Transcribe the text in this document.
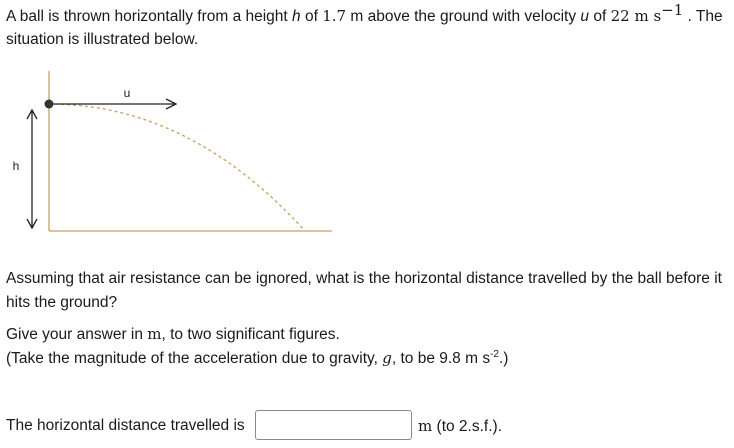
A ball is thrown horizontally from a height h of 1.7 m above the ground with velocity u of 22 m $s^{-1}$ . The
situation is illustrated below.
u
h
Assuming that air resistance can be ignored, what is the horizontal distance travelled by the ball before it
hits the ground?
Give your answer in m, to two significant figures.
(Take the magnitude of the acceleration due to gravity, g, to be 9.8 m $s^{-2}$.)
The horizontal distance travelled is	m (to 2.s.f.).
